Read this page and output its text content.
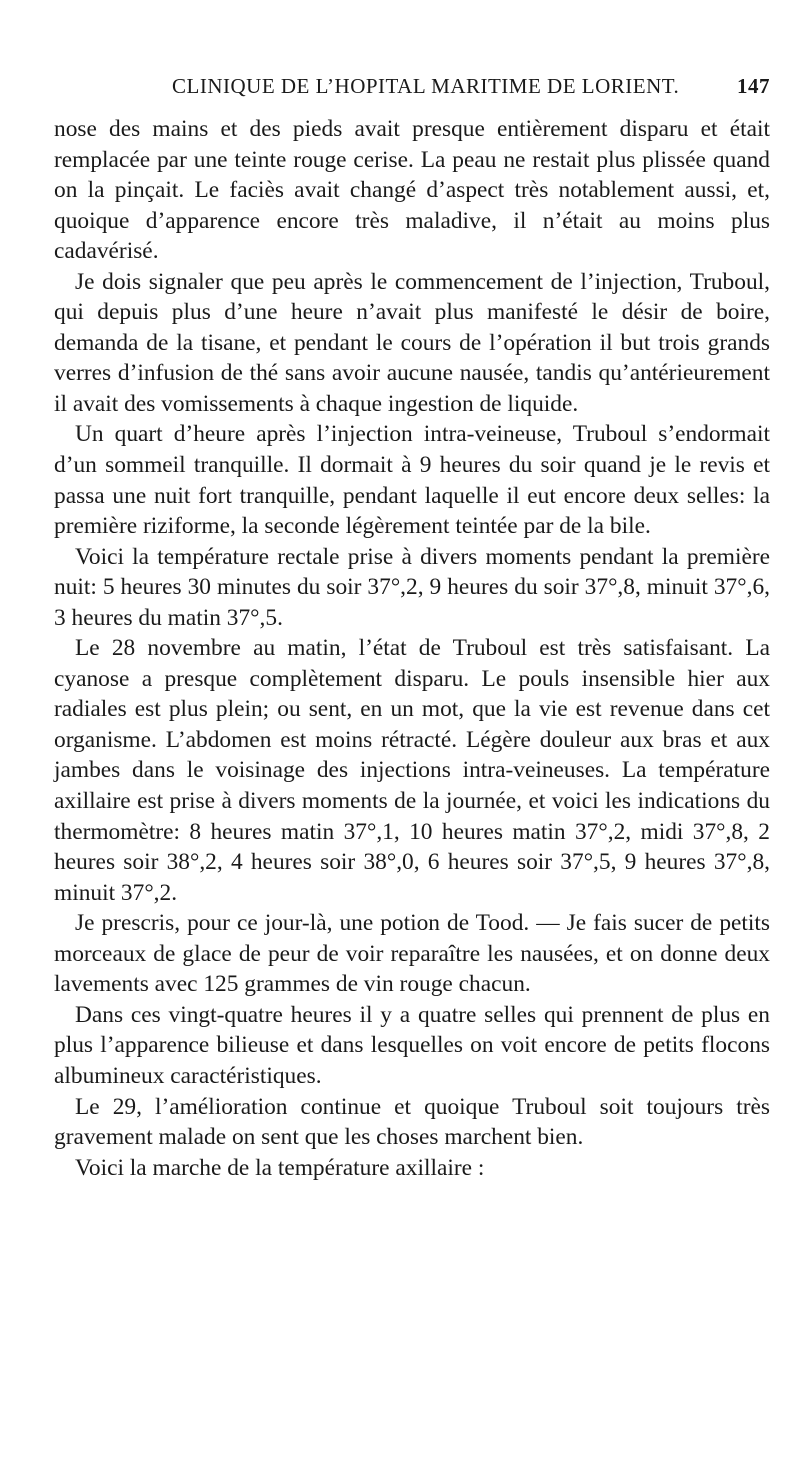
CLINIQUE DE L’HOPITAL MARITIME DE LORIENT.	147

nose des mains et des pieds avait presque entièrement disparu et était remplacée par une teinte rouge cerise. La peau ne restait plus plissée quand on la pinçait. Le faciès avait changé d’aspect très notablement aussi, et, quoique d’apparence encore très maladive, il n’était au moins plus cadavérisé.

Je dois signaler que peu après le commencement de l’injection, Truboul, qui depuis plus d’une heure n’avait plus manifesté le désir de boire, demanda de la tisane, et pendant le cours de l’opération il but trois grands verres d’infusion de thé sans avoir aucune nausée, tandis qu’antérieurement il avait des vomissements à chaque ingestion de liquide.

Un quart d’heure après l’injection intra-veineuse, Truboul s’endormait d’un sommeil tranquille. Il dormait à 9 heures du soir quand je le revis et passa une nuit fort tranquille, pendant laquelle il eut encore deux selles: la première riziforme, la seconde légèrement teintée par de la bile.

Voici la température rectale prise à divers moments pendant la première nuit: 5 heures 30 minutes du soir 37°,2, 9 heures du soir 37°,8, minuit 37°,6, 3 heures du matin 37°,5.

Le 28 novembre au matin, l’état de Truboul est très satisfaisant. La cyanose a presque complètement disparu. Le pouls insensible hier aux radiales est plus plein; ou sent, en un mot, que la vie est revenue dans cet organisme. L’abdomen est moins rétracté. Légère douleur aux bras et aux jambes dans le voisinage des injections intra-veineuses. La température axillaire est prise à divers moments de la journée, et voici les indications du thermomètre: 8 heures matin 37°,1, 10 heures matin 37°,2, midi 37°,8, 2 heures soir 38°,2, 4 heures soir 38°,0, 6 heures soir 37°,5, 9 heures 37°,8, minuit 37°,2.

Je prescris, pour ce jour-là, une potion de Tood. — Je fais sucer de petits morceaux de glace de peur de voir reparaître les nausées, et on donne deux lavements avec 125 grammes de vin rouge chacun.

Dans ces vingt-quatre heures il y a quatre selles qui prennent de plus en plus l’apparence bilieuse et dans lesquelles on voit encore de petits flocons albumineux caractéristiques.

Le 29, l’amélioration continue et quoique Truboul soit toujours très gravement malade on sent que les choses marchent bien.

Voici la marche de la température axillaire :
